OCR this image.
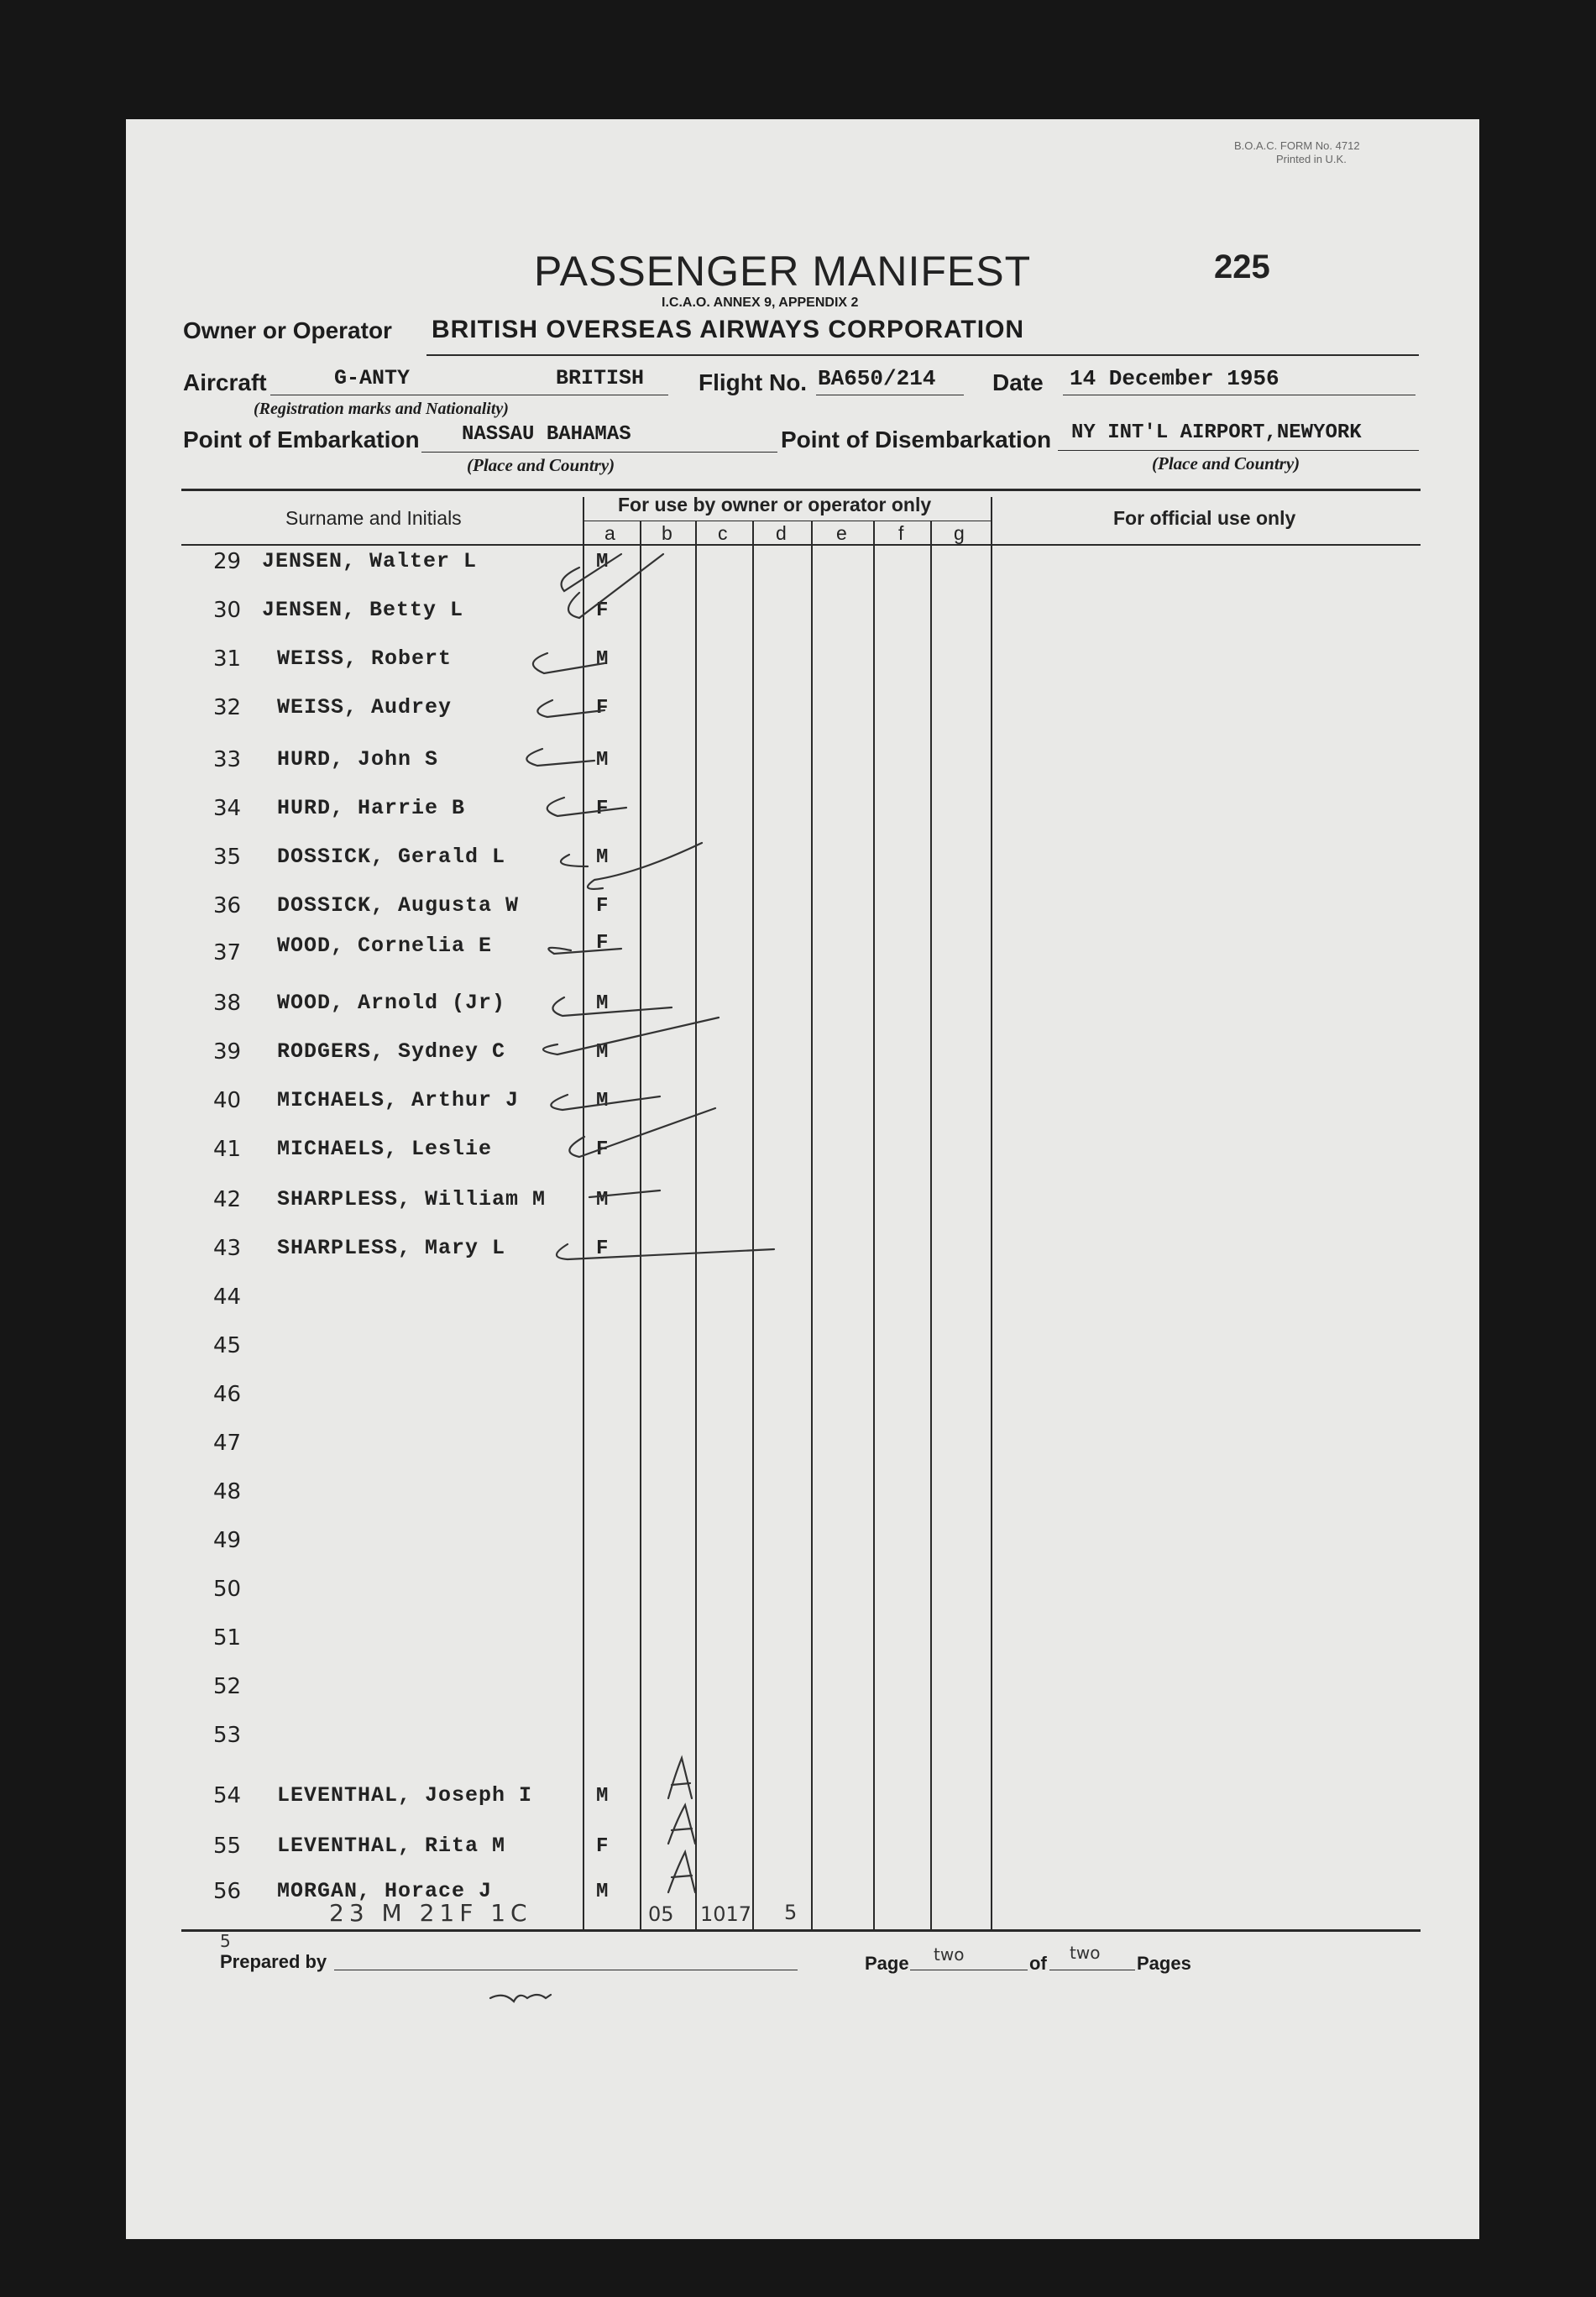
B.O.A.C. FORM No. 4712
Printed in U.K.
PASSENGER MANIFEST	225
I.C.A.O. ANNEX 9, APPENDIX 2
Owner or Operator BRITISH OVERSEAS AIRWAYS CORPORATION
Aircraft	G-ANTY	BRITISH
(Registration marks and Nationality)
Flight No. BA650/214 Date 14 December 1956
Point of Embarkation NASSAU BAHAMAS
(Place and Country)
Point of Disembarkation NY INT'L AIRPORT,NEWYORK
(Place and Country)
Surname and Initials
For use by owner or operator only
For official use only
a b c	d	e	f	g
29 JENSEN, Walter L	M
30 JENSEN, Betty L	F
31 WEISS, Robert	M
32 WEISS, Audrey	F
33 HURD, John S	M
34 HURD, Harrie B	F
35 DOSSICK, Gerald L	M
36 DOSSICK, Augusta W	F
37 WOOD, Cornelia E	F
38 WOOD, Arnold (Jr)	M
39 RODGERS, Sydney C	M
40 MICHAELS, Arthur J	M
41 MICHAELS, Leslie	F
42 SHARPLESS, William M M
43 SHARPLESS, Mary L	F
44
45
46
47
48
49
50
51
52
53
54 LEVENTHAL, Joseph I	M
55 LEVENTHAL, Rita M	F
56 MORGAN, Horace J	M
23 M 21F 1C	05 1017 5
5
Prepared by	Page two	of two Pages
